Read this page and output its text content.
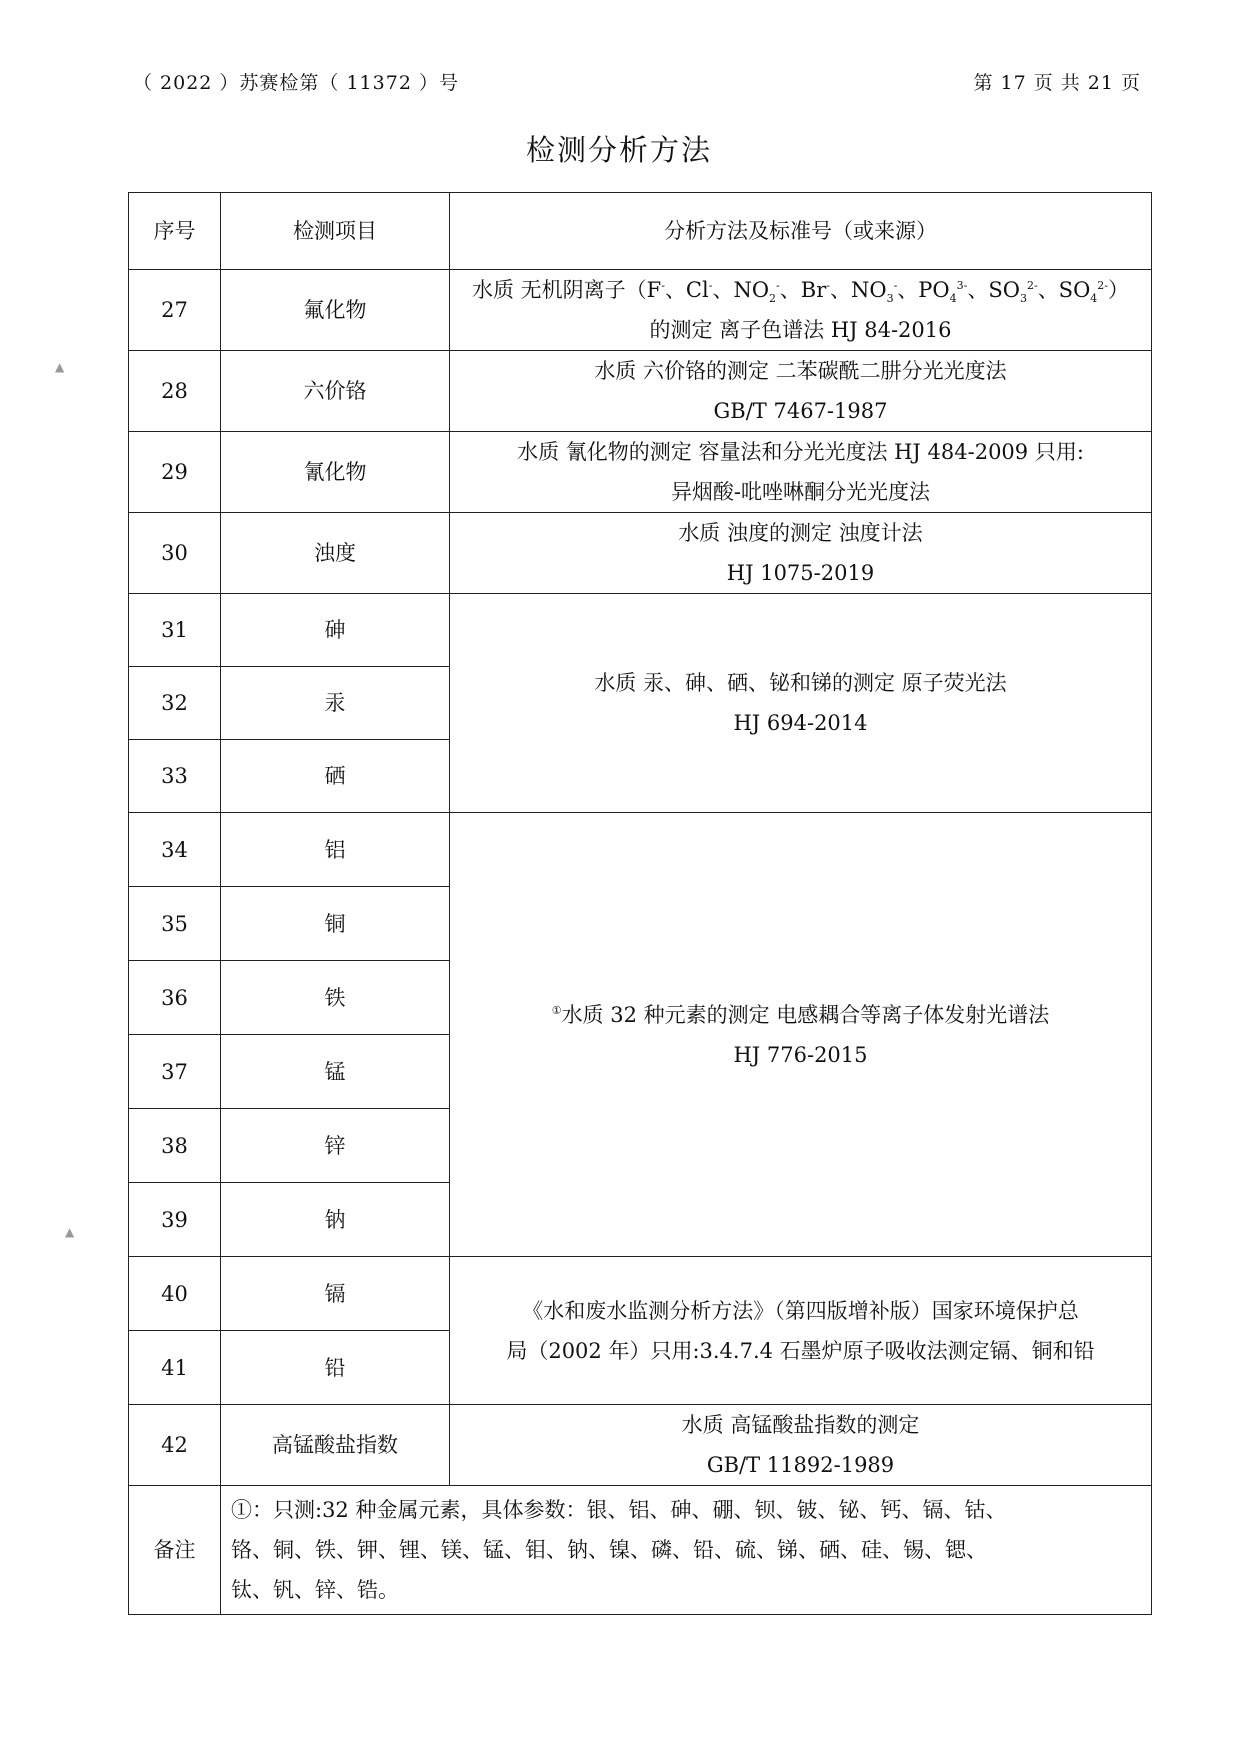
（ 2022 ）苏赛检第（ 11372 ）号	第 17 页 共 21 页
检测分析方法
▲
▲
序号	检测项目	分析方法及标准号（或来源）
27	氟化物	水质 无机阴离子（F-、Cl-、$NO_2^-$、Br-、$NO_3^-$、$PO_4^{3-}$、$SO_3^{2-}$、$SO_4^{2-}$）
的测定 离子色谱法 HJ 84-2016

28	六价铬	水质 六价铬的测定 二苯碳酰二肼分光光度法
GB/T 7467-1987

29	氰化物	水质 氰化物的测定 容量法和分光光度法 HJ 484-2009 只用:
异烟酸-吡唑啉酮分光光度法

30	浊度	水质 浊度的测定 浊度计法
HJ 1075-2019

31	砷	水质 汞、砷、硒、铋和锑的测定 原子荧光法
HJ 694-2014

32	汞	
33	硒	
34	铝	①水质 32 种元素的测定 电感耦合等离子体发射光谱法
HJ 776-2015

35	铜	
36	铁	
37	锰	
38	锌	
39	钠	
40	镉	《水和废水监测分析方法》（第四版增补版）国家环境保护总
局（2002 年）只用:3.4.7.4 石墨炉原子吸收法测定镉、铜和铅

41	铅	
42	高锰酸盐指数	水质 高锰酸盐指数的测定
GB/T 11892-1989

备注	①：只测:32 种金属元素，具体参数：银、铝、砷、硼、钡、铍、铋、钙、镉、钴、
铬、铜、铁、钾、锂、镁、锰、钼、钠、镍、磷、铅、硫、锑、硒、硅、锡、锶、
钛、钒、锌、锆。	
